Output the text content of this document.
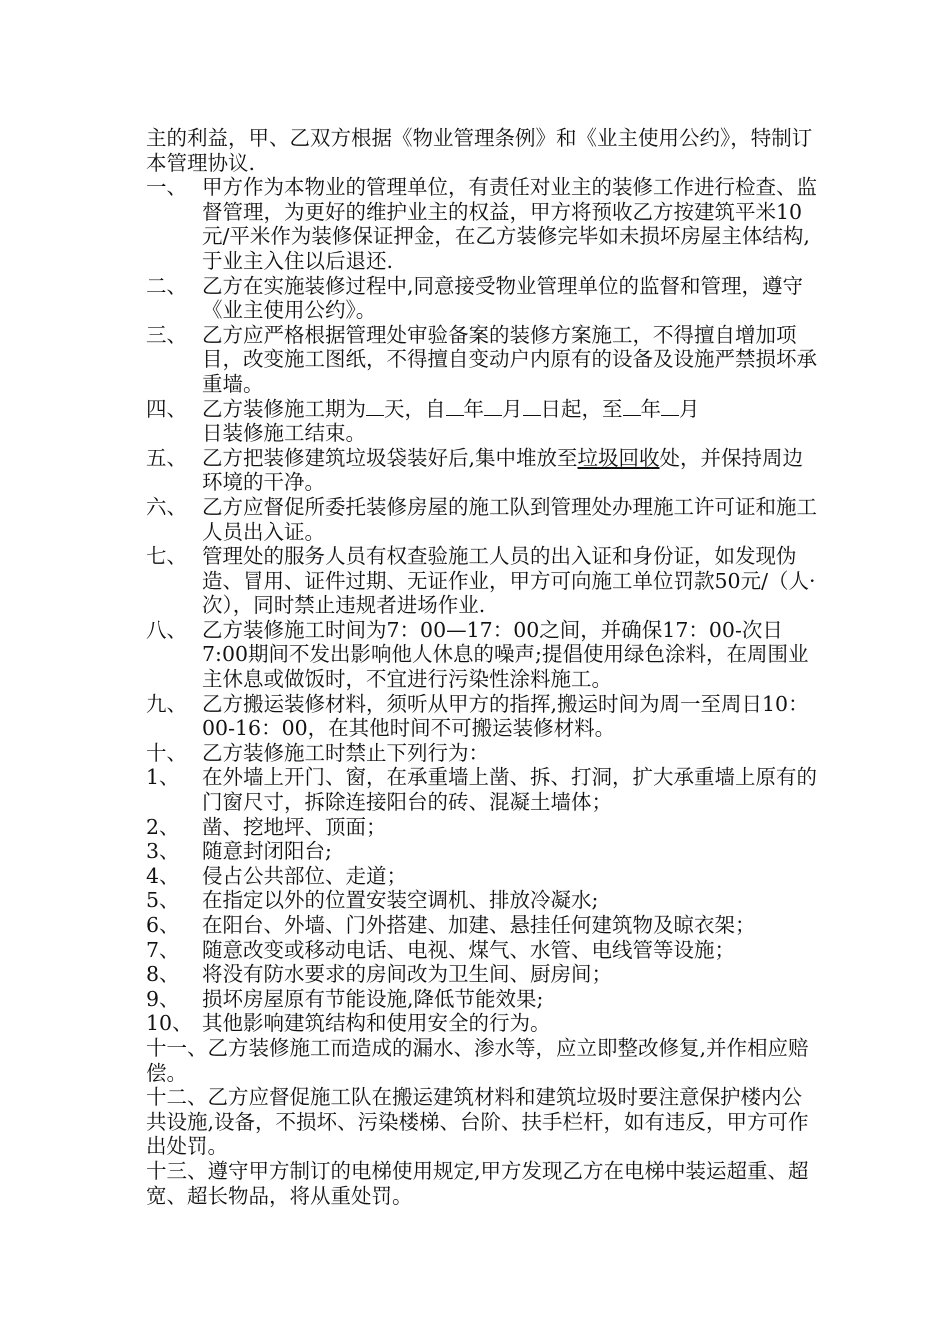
主的利益，甲、乙双方根据《物业管理条例》和《业主使用公约》，特制订本管理协议.

一、 甲方作为本物业的管理单位，有责任对业主的装修工作进行检查、监督管理，为更好的维护业主的权益，甲方将预收乙方按建筑平米10元/平米作为装修保证押金，在乙方装修完毕如未损坏房屋主体结构,于业主入住以后退还.
二、 乙方在实施装修过程中,同意接受物业管理单位的监督和管理，遵守《业主使用公约》。
三、 乙方应严格根据管理处审验备案的装修方案施工，不得擅自增加项目，改变施工图纸，不得擅自变动户内原有的设备及设施严禁损坏承重墙。
四、 乙方装修施工期为 天，自 年 月 日起，至 年 月
日装修施工结束。
五、 乙方把装修建筑垃圾袋装好后,集中堆放至垃圾回收处，并保持周边环境的干净。
六、 乙方应督促所委托装修房屋的施工队到管理处办理施工许可证和施工人员出入证。
七、 管理处的服务人员有权查验施工人员的出入证和身份证，如发现伪造、冒用、证件过期、无证作业，甲方可向施工单位罚款50元/（人·次），同时禁止违规者进场作业.
八、 乙方装修施工时间为7：00—17：00之间，并确保17：00-次日7:00期间不发出影响他人休息的噪声;提倡使用绿色涂料，在周围业主休息或做饭时，不宜进行污染性涂料施工。
九、 乙方搬运装修材料，须听从甲方的指挥,搬运时间为周一至周日10：00-16：00，在其他时间不可搬运装修材料。
十、 乙方装修施工时禁止下列行为：
1、	在外墙上开门、窗，在承重墙上凿、拆、打洞，扩大承重墙上原有的门窗尺寸，拆除连接阳台的砖、混凝土墙体；
2、	凿、挖地坪、顶面；
3、	随意封闭阳台;
4、	侵占公共部位、走道；
5、	在指定以外的位置安装空调机、排放冷凝水;
6、	在阳台、外墙、门外搭建、加建、悬挂任何建筑物及晾衣架；
7、	随意改变或移动电话、电视、煤气、水管、电线管等设施；
8、	将没有防水要求的房间改为卫生间、厨房间；
9、	损坏房屋原有节能设施,降低节能效果;
10、 其他影响建筑结构和使用安全的行为。

十一、乙方装修施工而造成的漏水、渗水等，应立即整改修复,并作相应赔偿。

十二、乙方应督促施工队在搬运建筑材料和建筑垃圾时要注意保护楼内公共设施,设备，不损坏、污染楼梯、台阶、扶手栏杆，如有违反，甲方可作出处罚。

十三、遵守甲方制订的电梯使用规定,甲方发现乙方在电梯中装运超重、超宽、超长物品，将从重处罚。
